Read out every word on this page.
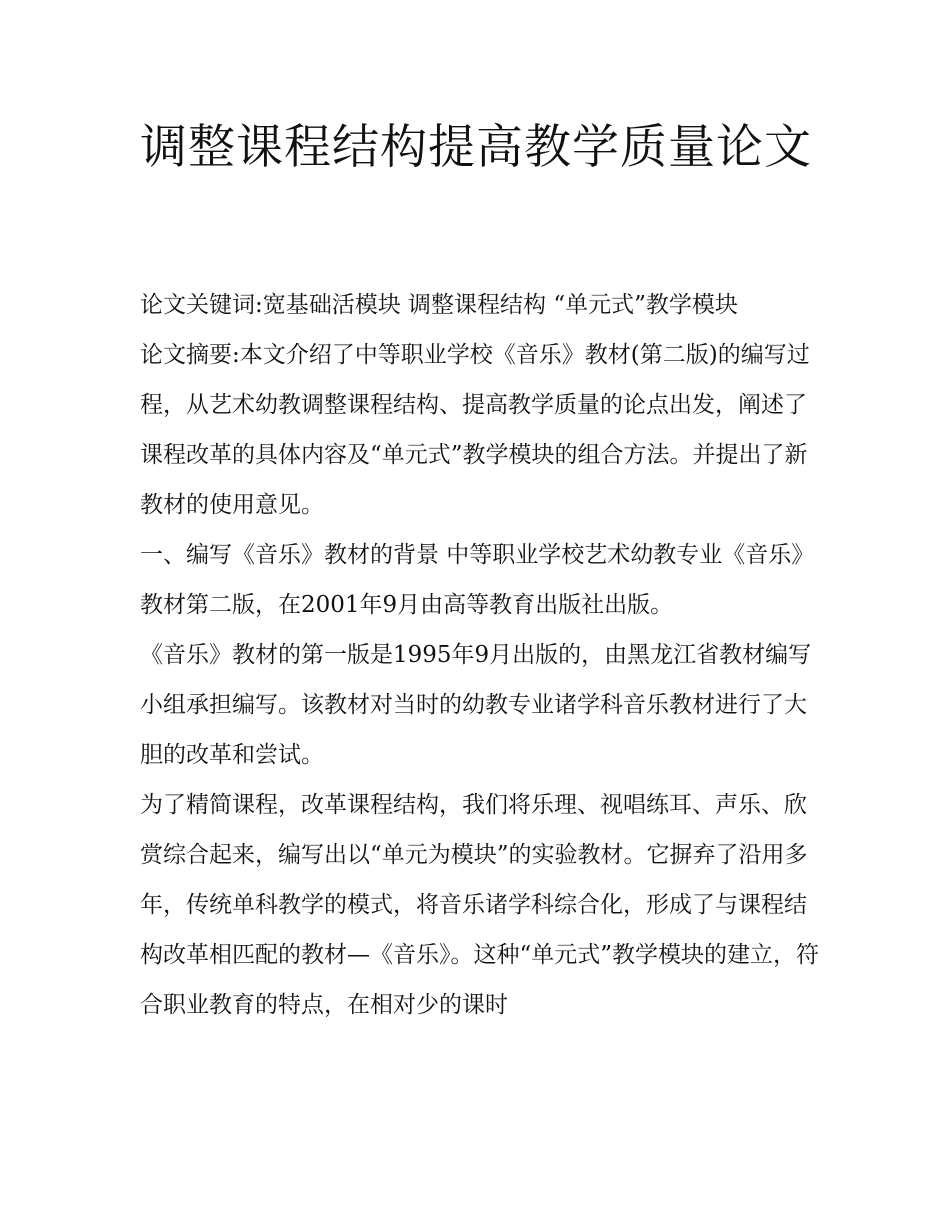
调整课程结构提高教学质量论文

论文关键词:宽基础活模块 调整课程结构 “单元式”教学模块

论文摘要:本文介绍了中等职业学校《音乐》教材(第二版)的编写过程，从艺术幼教调整课程结构、提高教学质量的论点出发，阐述了课程改革的具体内容及“单元式”教学模块的组合方法。并提出了新教材的使用意见。

一、编写《音乐》教材的背景 中等职业学校艺术幼教专业《音乐》教材第二版，在2001年9月由高等教育出版社出版。

《音乐》教材的第一版是1995年9月出版的，由黑龙江省教材编写小组承担编写。该教材对当时的幼教专业诸学科音乐教材进行了大胆的改革和尝试。

为了精简课程，改革课程结构，我们将乐理、视唱练耳、声乐、欣赏综合起来，编写出以“单元为模块”的实验教材。它摒弃了沿用多年，传统单科教学的模式，将音乐诸学科综合化，形成了与课程结构改革相匹配的教材—《音乐》。这种“单元式”教学模块的建立，符合职业教育的特点，在相对少的课时
